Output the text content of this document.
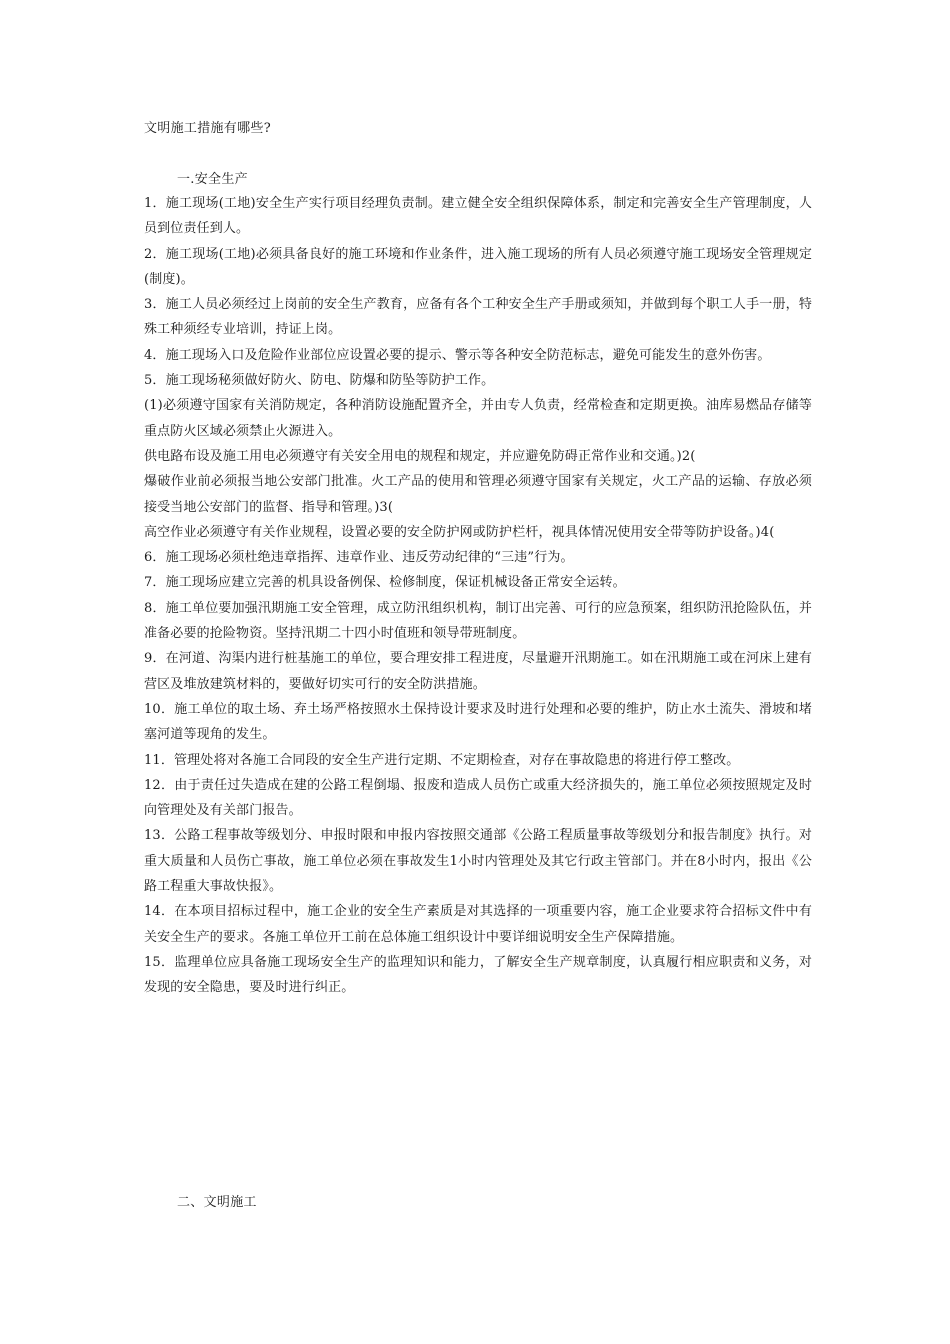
文明施工措施有哪些?
一.安全生产

1．施工现场(工地)安全生产实行项目经理负责制。建立健全安全组织保障体系，制定和完善安全生产管理制度，人员到位责任到人。

2．施工现场(工地)必须具备良好的施工环境和作业条件，进入施工现场的所有人员必须遵守施工现场安全管理规定(制度)。

3．施工人员必须经过上岗前的安全生产教育，应备有各个工种安全生产手册或须知，并做到每个职工人手一册，特殊工种须经专业培训，持证上岗。

4．施工现场入口及危险作业部位应设置必要的提示、警示等各种安全防范标志，避免可能发生的意外伤害。

5．施工现场秘须做好防火、防电、防爆和防坠等防护工作。

(1)必须遵守国家有关消防规定，各种消防设施配置齐全，并由专人负责，经常检查和定期更换。油库易燃品存储等重点防火区域必须禁止火源进入。

供电路布设及施工用电必须遵守有关安全用电的规程和规定，并应避免防碍正常作业和交通。)2(

爆破作业前必须报当地公安部门批准。火工产品的使用和管理必须遵守国家有关规定，火工产品的运输、存放必须接受当地公安部门的监督、指导和管理。)3(

高空作业必须遵守有关作业规程，设置必要的安全防护网或防护栏杆，视具体情况使用安全带等防护设备。)4(

6．施工现场必须杜绝违章指挥、违章作业、违反劳动纪律的“三违”行为。

7．施工现场应建立完善的机具设备例保、检修制度，保证机械设备正常安全运转。

8．施工单位要加强汛期施工安全管理，成立防汛组织机构，制订出完善、可行的应急预案，组织防汛抢险队伍，并准备必要的抢险物资。坚持汛期二十四小时值班和领导带班制度。

9．在河道、沟渠内进行桩基施工的单位，要合理安排工程进度，尽量避开汛期施工。如在汛期施工或在河床上建有营区及堆放建筑材料的，要做好切实可行的安全防洪措施。

10．施工单位的取土场、弃土场严格按照水土保持设计要求及时进行处理和必要的维护，防止水土流失、滑坡和堵塞河道等现角的发生。

11．管理处将对各施工合同段的安全生产进行定期、不定期检查，对存在事故隐患的将进行停工整改。

12．由于责任过失造成在建的公路工程倒塌、报废和造成人员伤亡或重大经济损失的，施工单位必须按照规定及时向管理处及有关部门报告。

13．公路工程事故等级划分、申报时限和申报内容按照交通部《公路工程质量事故等级划分和报告制度》执行。对重大质量和人员伤亡事故，施工单位必须在事故发生1小时内管理处及其它行政主管部门。并在8小时内，报出《公路工程重大事故快报》。

14．在本项目招标过程中，施工企业的安全生产素质是对其选择的一项重要内容，施工企业要求符合招标文件中有关安全生产的要求。各施工单位开工前在总体施工组织设计中要详细说明安全生产保障措施。

15．监理单位应具备施工现场安全生产的监理知识和能力，了解安全生产规章制度，认真履行相应职责和义务，对发现的安全隐患，要及时进行纠正。

二、文明施工
